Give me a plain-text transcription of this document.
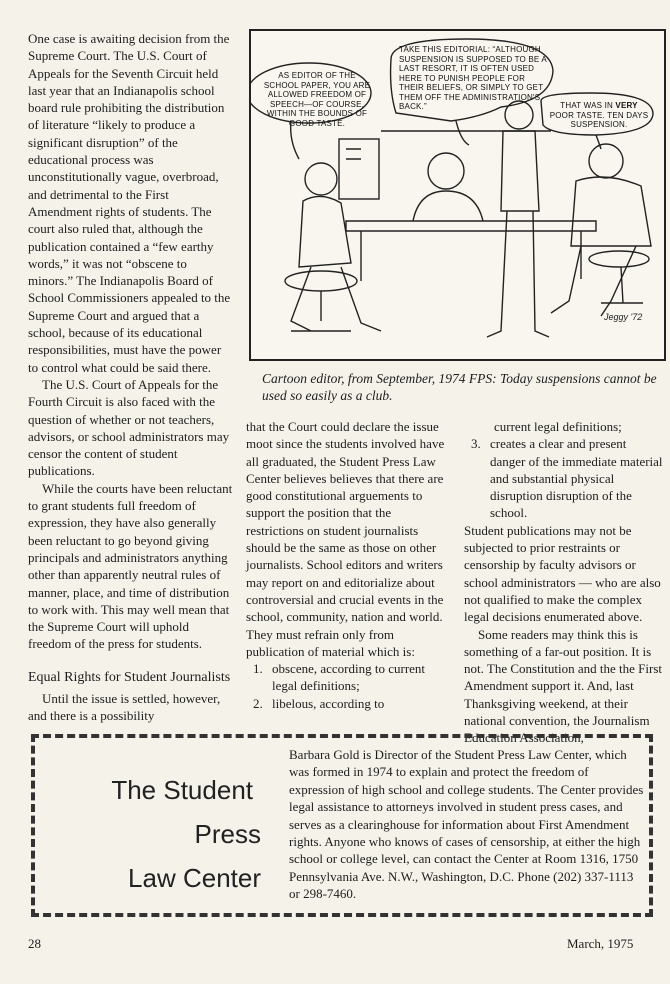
One case is awaiting decision from the Supreme Court. The U.S. Court of Appeals for the Seventh Circuit held last year that an Indianapolis school board rule prohibiting the distribution of literature “likely to produce a significant disruption” of the educational process was unconstitutionally vague, overbroad, and detrimental to the First Amendment rights of students. The court also ruled that, although the publication contained a “few earthy words,” it was not “obscene to minors.” The Indianapolis Board of School Commissioners appealed to the Supreme Court and argued that a school, because of its educational responsibilities, must have the power to control what could be said there.

The U.S. Court of Appeals for the Fourth Circuit is also faced with the question of whether or not teachers, advisors, or school administrators may censor the content of student publications.

While the courts have been reluctant to grant students full freedom of expression, they have also generally been reluctant to go beyond giving principals and administrators anything other than apparently neutral rules of manner, place, and time of distribution to work with. This may well mean that the Supreme Court will uphold freedom of the press for students.

Equal Rights for Student Journalists

Until the issue is settled, however, and there is a possibility

AS EDITOR OF THE SCHOOL PAPER, YOU ARE ALLOWED FREEDOM OF SPEECH—OF COURSE, WITHIN THE BOUNDS OF GOOD TASTE.
TAKE THIS EDITORIAL: “ALTHOUGH SUSPENSION IS SUPPOSED TO BE A LAST RESORT, IT IS OFTEN USED HERE TO PUNISH PEOPLE FOR THEIR BELIEFS, OR SIMPLY TO GET THEM OFF THE ADMINISTRATION'S BACK.”	THAT WAS IN VERY POOR TASTE. TEN DAYS SUSPENSION.
Jeggy '72
Cartoon editor, from September, 1974 FPS: Today suspensions cannot be used so easily as a club.

that the Court could declare the issue moot since the students involved have all graduated, the Student Press Law Center believes believes that there are good constitutional arguements to support the position that the restrictions on student journalists should be the same as those on other journalists. School editors and writers may report on and editorialize about controversial and crucial events in the school, community, nation and world. They must refrain only from publication of material which is:

1. obscene, according to current legal definitions;
2. libelous, according to

current legal definitions;

3. creates a clear and present danger of the immediate material and substantial physical disruption disruption of the school.

Student publications may not be subjected to prior restraints or censorship by faculty advisors or school administrators — who are also not qualified to make the complex legal decisions enumerated above.

Some readers may think this is something of a far-out position. It is not. The Constitution and the the First Amendment support it. And, last Thanksgiving weekend, at their national convention, the Journalism Education Association,

The Student
Press
Law Center
Barbara Gold is Director of the Student Press Law Center, which was formed in 1974 to explain and protect the freedom of expression of high school and college students. The Center provides legal assistance to attorneys involved in student press cases, and serves as a clearinghouse for information about First Amendment rights. Anyone who knows of cases of censorship, at either the high school or college level, can contact the Center at Room 1316, 1750 Pennsylvania Ave. N.W., Washington, D.C. Phone (202) 337-1113 or 298-7460.
28	March, 1975
